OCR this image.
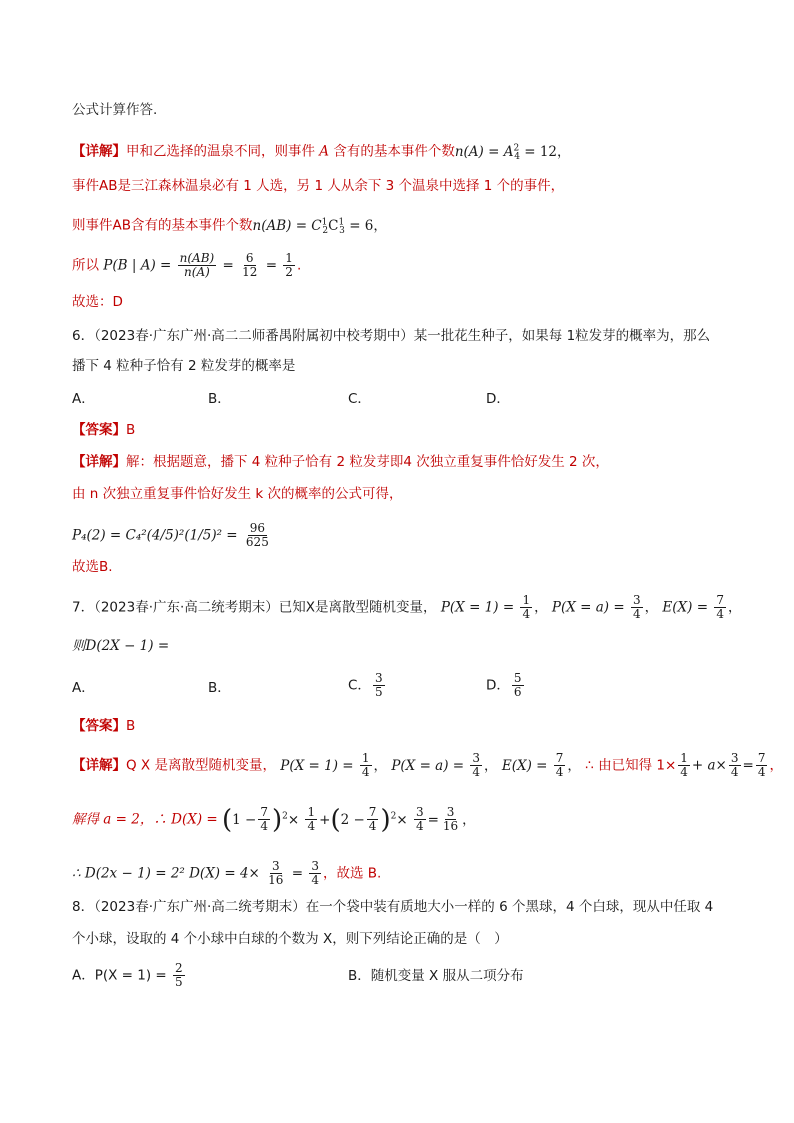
公式计算作答.
【详解】甲和乙选择的温泉不同，则事件 A 含有的基本事件个数$n(A) = A^2_4 = 12$，
事件AB是三江森林温泉必有 1 人选，另 1 人从余下 3 个温泉中选择 1 个的事件，
则事件AB含有的基本事件个数$n(AB) = C^1_2C^1_3 = 6$，
所以 P(B | $A) = \frac{n(AB)}{n(A)} = \frac{6}{12} = \frac{1}{2}$ .
故选：D
6．（2023春·广东广州·高二二师番禺附属初中校考期中）某一批花生种子，如果每 1粒发芽的概率为，那么
播下 4 粒种子恰有 2 粒发芽的概率是
A．	B．	C．	D．
【答案】B
【详解】解：根据题意，播下 4 粒种子恰有 2 粒发芽即4 次独立重复事件恰好发生 2 次，
由 n 次独立重复事件恰好发生 k 次的概率的公式可得，
$P_4(2) = C_4^2(4/5)^2(1/5)^2 = \frac{96}{625}$
故选B.
7．（2023春·广东·高二统考期末）已知X是离散型随机变量， $P(X = 1) = \frac{1}{4}$ ， $P(X = a) = \frac{3}{4}$ ， $E(X) = \frac{7}{4}$ ，
则D(2X − 1) =
A．	B．	C． $\frac{3}{5}$	D． $\frac{5}{6}$
【答案】B
【详解】Q X 是离散型随机变量， $P(X = 1) = \frac{1}{4}$ ， $P(X = a) = \frac{3}{4}$ ， $E(X) = \frac{7}{4}$ ， ∴ 由已知得 $1\times \frac{1}{4} + a\times \frac{3}{4} = \frac{7}{4}$ ，
解得 a = 2，∴ $D(X) = (1 - \frac{7}{4} )^2\times \frac{1}{4} +(2 - \frac{7}{4} )^2\times \frac{3}{4} = \frac{3}{16}$ ，
∴ D(2x − 1) = 2² $D(X) = 4\times \frac{3}{16} = \frac{3}{4}$ ，故选 B.
8．（2023春·广东广州·高二统考期末）在一个袋中装有质地大小一样的 6 个黑球，4 个白球，现从中任取 4
个小球，设取的 4 个小球中白球的个数为 X，则下列结论正确的是（　）
A．$P(X = 1) = \frac{2}{5}$	B．随机变量 X 服从二项分布
